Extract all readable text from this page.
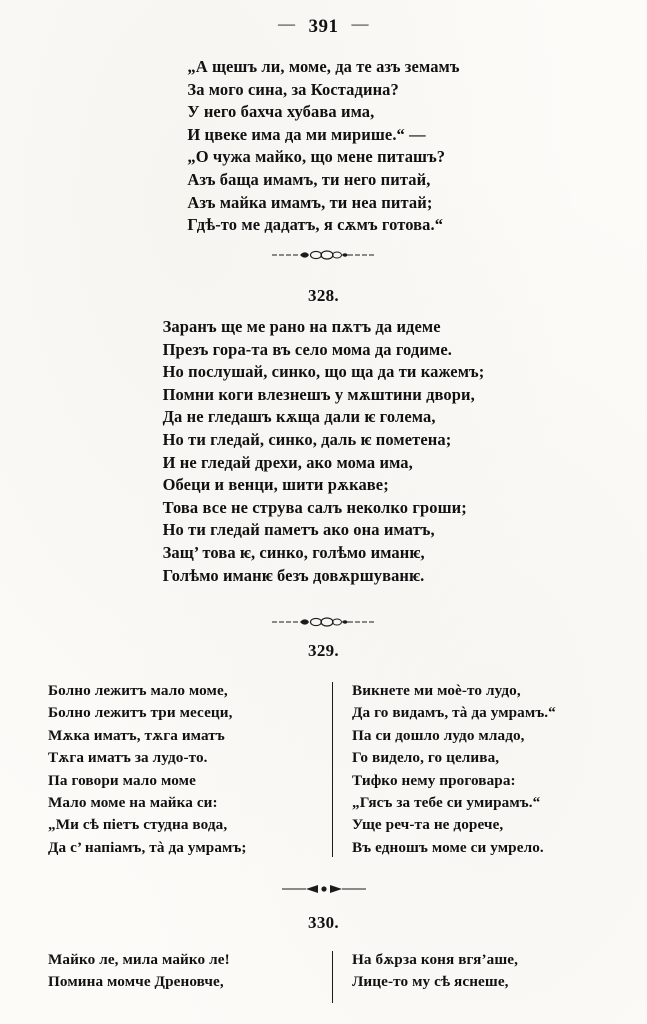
— 391 —
„А щешъ ли, моме, да те азъ земамъ
За мого сина, за Костадина?
У него бахча хубава има,
И цвеке има да ми мирише.“ —
„О чужа майко, що мене питашъ?
Азъ баща имамъ, ти него питай,
Азъ майка имамъ, ти неа питай;
Гдѣ-то ме дадатъ, я сѫмъ готова.“
328.
Заранъ ще ме рано на пѫтъ да идеме
Презъ гора-та въ село мома да годиме.
Но послушай, синко, що ща да ти кажемъ;
Помни коги влезнешъ у мѫштини двори,
Да не гледашъ кѫща дали ѥ голема,
Но ти гледай, синко, даль ѥ пометена;
И не гледай дрехи, ако мома има,
Обеци и венци, шити рѫкаве;
Това все не струва салъ неколко гроши;
Но ти гледай паметъ ако она иматъ,
Защ’ това ѥ, синко, голѣмо иманѥ,
Голѣмо иманѥ безъ довѫршуванѥ.
329.
Болно лежитъ мало моме,
Болно лежитъ три месеци,
Мѫка иматъ, тѫга иматъ
Тѫга иматъ за лудо-то.
Па говори мало моме
Мало моме на майка си:
„Ми сѣ піетъ студна вода,
Да с’ напіамъ, тà да умрамъ;
Викнете ми моѐ-то лудо,
Да го видамъ, тà да умрамъ.“
Па си дошло лудо младо,
Го видело, го целива,
Тифко нему проговара:
„Гясъ за тебе си умирамъ.“
Уще реч-та не дорече,
Въ едношъ моме си умрело.
330.
Майко ле, мила майко ле!
Помина момче Дреновче,
На бѫрза коня вгя’аше,
Лице-то му сѣ яснеше,
